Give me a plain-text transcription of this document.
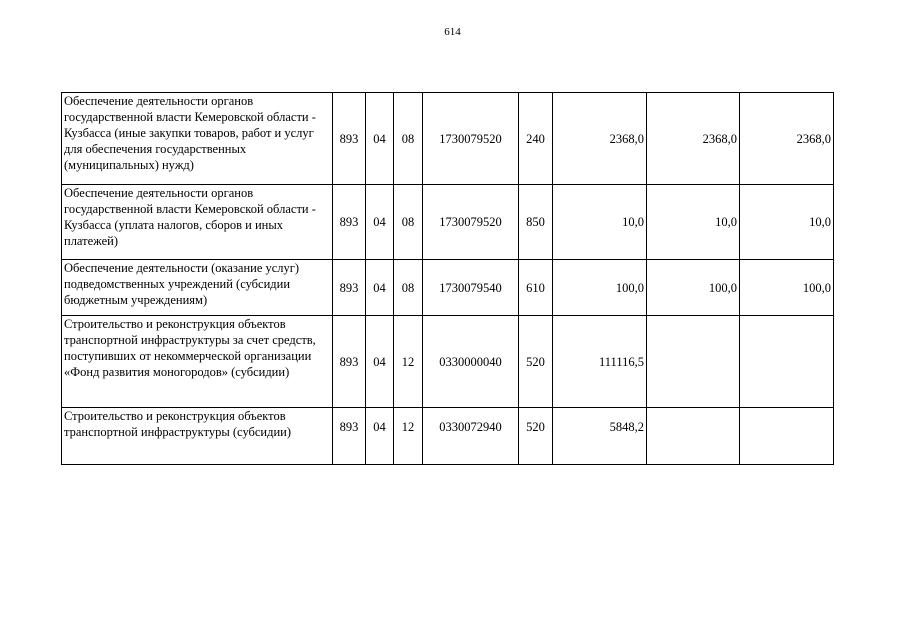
614
Обеспечение деятельности органов государственной власти Кемеровской области - Кузбасса (иные закупки товаров, работ и услуг для обеспечения государственных (муниципальных) нужд)	893	04	08	1730079520	240	2368,0	2368,0	2368,0
Обеспечение деятельности органов государственной власти Кемеровской области - Кузбасса (уплата налогов, сборов и иных платежей)	893	04	08	1730079520	850	10,0	10,0	10,0
Обеспечение деятельности (оказание услуг) подведомственных учреждений (субсидии бюджетным учреждениям)	893	04	08	1730079540	610	100,0	100,0	100,0
Строительство и реконструкция объектов транспортной инфраструктуры за счет средств, поступивших от некоммерческой организации «Фонд развития моногородов» (субсидии)	893	04	12	0330000040	520	111116,5		
Строительство и реконструкция объектов транспортной инфраструктуры (субсидии)	893	04	12	0330072940	520	5848,2		
